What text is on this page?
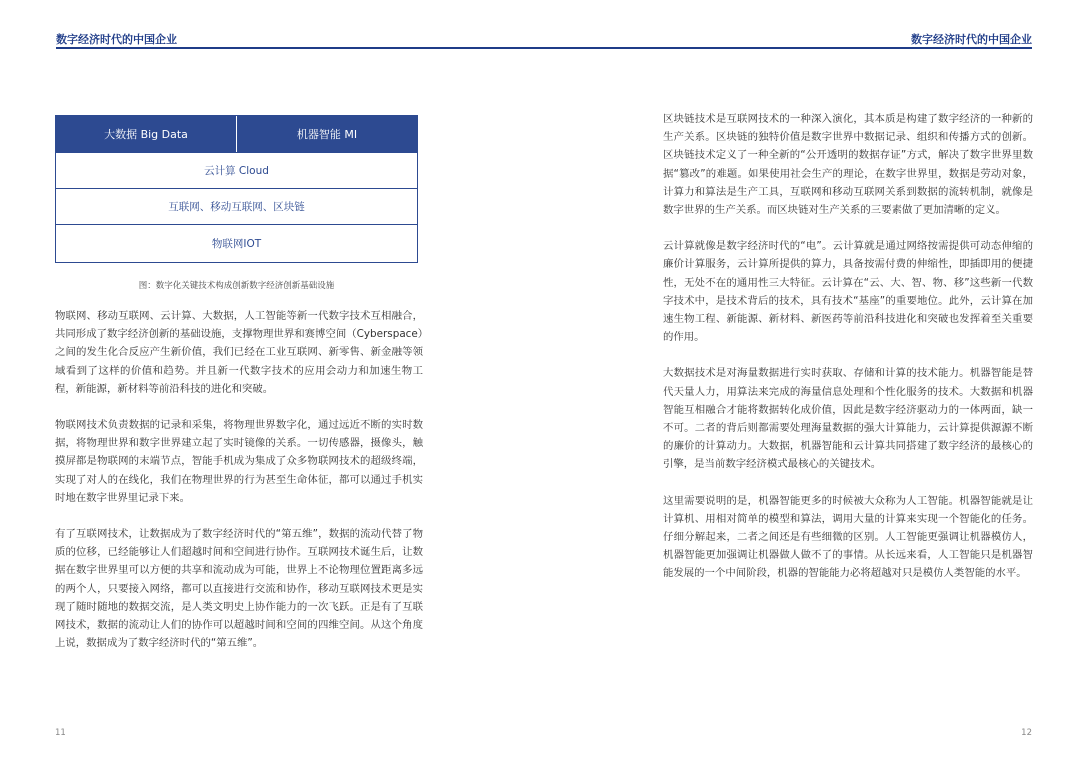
数字经济时代的中国企业
大数据 Big Data	机器智能 MI
云计算 Cloud
互联网、移动互联网、区块链
物联网IOT
图：数字化关键技术构成创新数字经济创新基础设施

物联网、移动互联网、云计算、大数据，人工智能等新一代数字技术互相融合，共同形成了数字经济创新的基础设施，支撑物理世界和赛博空间（Cyberspace）之间的发生化合反应产生新价值，我们已经在工业互联网、新零售、新金融等领域看到了这样的价值和趋势。并且新一代数字技术的应用会动力和加速生物工程，新能源，新材料等前沿科技的进化和突破。

物联网技术负责数据的记录和采集，将物理世界数字化，通过远近不断的实时数据，将物理世界和数字世界建立起了实时镜像的关系。一切传感器，摄像头，触摸屏都是物联网的末端节点，智能手机成为集成了众多物联网技术的超级终端，实现了对人的在线化，我们在物理世界的行为甚至生命体征，都可以通过手机实时地在数字世界里记录下来。

有了互联网技术，让数据成为了数字经济时代的“第五维”，数据的流动代替了物质的位移，已经能够让人们超越时间和空间进行协作。互联网技术诞生后，让数据在数字世界里可以方便的共享和流动成为可能，世界上不论物理位置距离多远的两个人，只要接入网络，都可以直接进行交流和协作，移动互联网技术更是实现了随时随地的数据交流，是人类文明史上协作能力的一次飞跃。正是有了互联网技术，数据的流动让人们的协作可以超越时间和空间的四维空间。从这个角度上说，数据成为了数字经济时代的“第五维”。

11
数字经济时代的中国企业

区块链技术是互联网技术的一种深入演化，其本质是构建了数字经济的一种新的生产关系。区块链的独特价值是数字世界中数据记录、组织和传播方式的创新。区块链技术定义了一种全新的“公开透明的数据存证”方式，解决了数字世界里数据“篡改”的难题。如果使用社会生产的理论，在数字世界里，数据是劳动对象，计算力和算法是生产工具，互联网和移动互联网关系到数据的流转机制，就像是数字世界的生产关系。而区块链对生产关系的三要素做了更加清晰的定义。

云计算就像是数字经济时代的“电”。云计算就是通过网络按需提供可动态伸缩的廉价计算服务，云计算所提供的算力，具备按需付费的伸缩性，即插即用的便捷性，无处不在的通用性三大特征。云计算在“云、大、智、物、移”这些新一代数字技术中，是技术背后的技术，具有技术“基座”的重要地位。此外，云计算在加速生物工程、新能源、新材料、新医药等前沿科技进化和突破也发挥着至关重要的作用。

大数据技术是对海量数据进行实时获取、存储和计算的技术能力。机器智能是替代天量人力，用算法来完成的海量信息处理和个性化服务的技术。大数据和机器智能互相融合才能将数据转化成价值，因此是数字经济驱动力的一体两面，缺一不可。二者的背后则都需要处理海量数据的强大计算能力，云计算提供源源不断的廉价的计算动力。大数据，机器智能和云计算共同搭建了数字经济的最核心的引擎，是当前数字经济模式最核心的关键技术。

这里需要说明的是，机器智能更多的时候被大众称为人工智能。机器智能就是让计算机、用相对简单的模型和算法，调用大量的计算来实现一个智能化的任务。仔细分解起来，二者之间还是有些细微的区别。人工智能更强调让机器模仿人，机器智能更加强调让机器做人做不了的事情。从长远来看，人工智能只是机器智能发展的一个中间阶段，机器的智能能力必将超越对只是模仿人类智能的水平。

12
